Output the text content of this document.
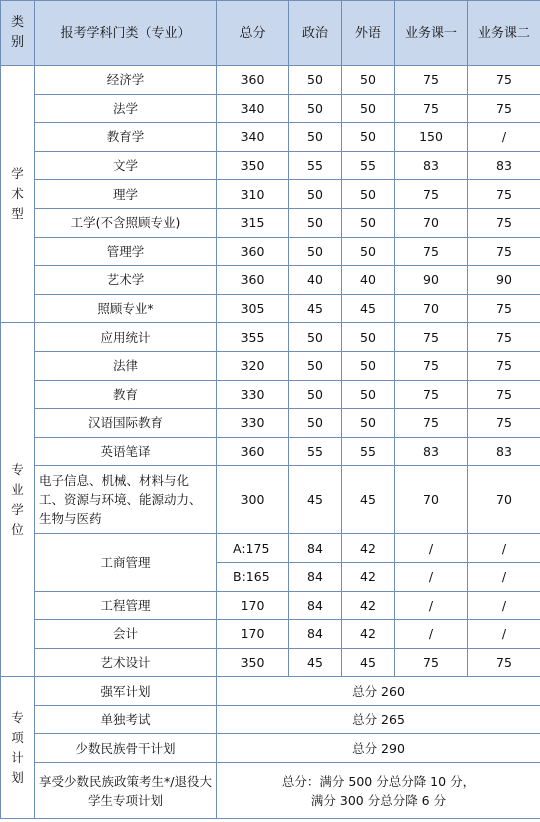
类别	报考学科门类（专业）	总分	政治	外语	业务课一	业务课二

学
术
型	经济学	360	50	50	75	75
	法学	340	50	50	75	75
	教育学	340	50	50	150	/
	文学	350	55	55	83	83
	理学	310	50	50	75	75
	工学(不含照顾专业)	315	50	50	70	75
	管理学	360	50	50	75	75
	艺术学	360	40	40	90	90
	照顾专业*	305	45	45	70	75

专
业
学
位	应用统计	355	50	50	75	75
	法律	320	50	50	75	75
	教育	330	50	50	75	75
	汉语国际教育	330	50	50	75	75
	英语笔译	360	55	55	83	83
	电子信息、机械、材料与化工、资源与环境、能源动力、生物与医药	300	45	45	70	70
	工商管理	A:175	84	42	/	/
		B:165	84	42	/	/
	工程管理	170	84	42	/	/
	会计	170	84	42	/	/
	艺术设计	350	45	45	75	75

专
项
计
划	强军计划	总分 260				
	单独考试	总分 265				
	少数民族骨干计划	总分 290				
	享受少数民族政策考生*/退役大学生专项计划	总分：满分 500 分总分降 10 分，
满分 300 分总分降 6 分				
